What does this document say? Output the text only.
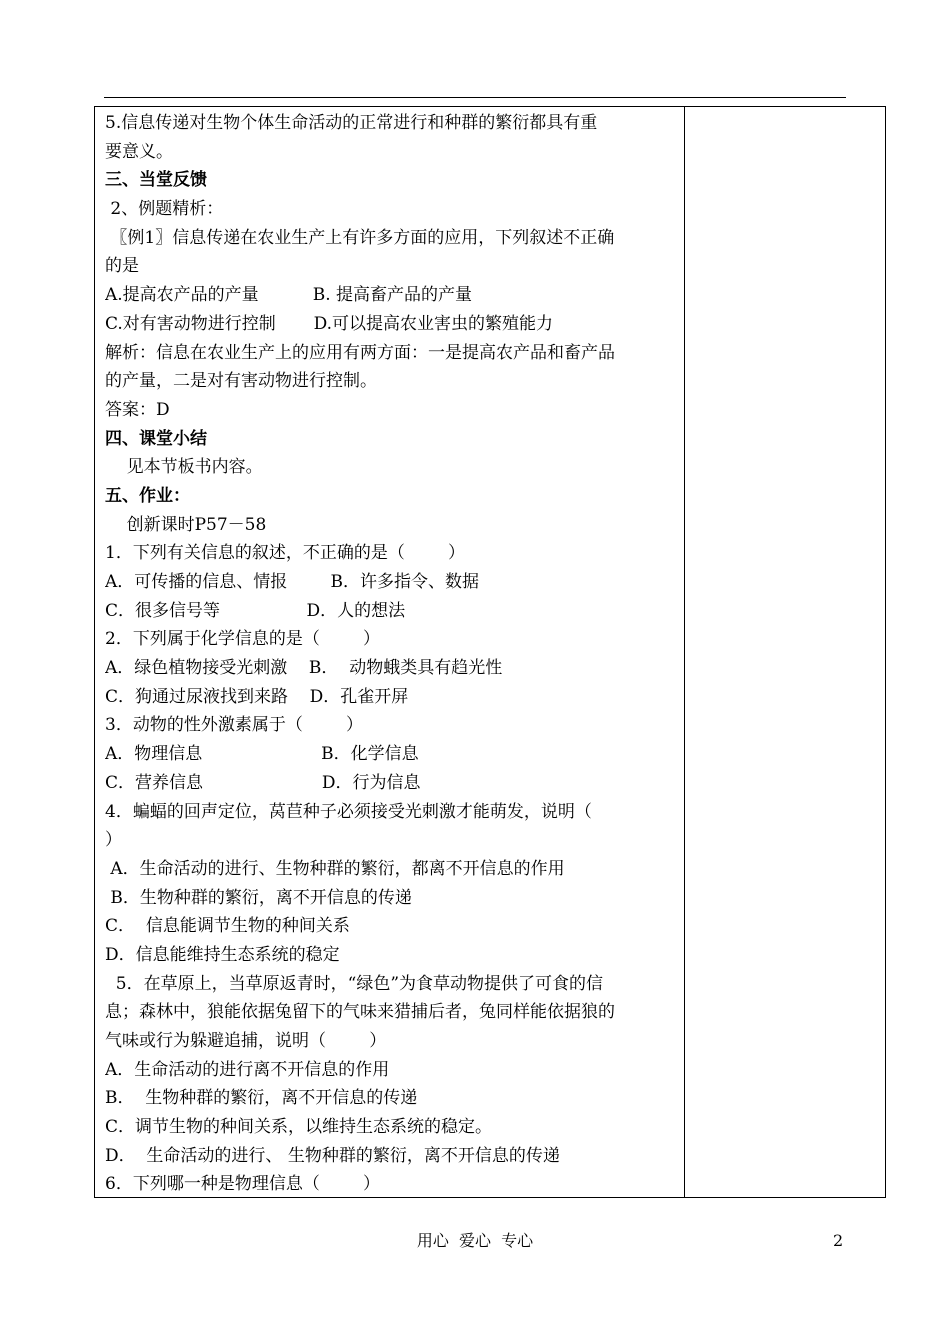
5.信息传递对生物个体生命活动的正常进行和种群的繁衍都具有重
要意义。
三、当堂反馈
2、例题精析：
〖例1〗信息传递在农业生产上有许多方面的应用，下列叙述不正确
的是
A.提高农产品的产量          B. 提高畜产品的产量
C.对有害动物进行控制       D.可以提高农业害虫的繁殖能力
解析：信息在农业生产上的应用有两方面：一是提高农产品和畜产品
的产量，二是对有害动物进行控制。
答案：D
四、课堂小结
见本节板书内容。
五、作业：
创新课时P57－58
1．下列有关信息的叙述，不正确的是（        ）
A．可传播的信息、情报        B．许多指令、数据
C．很多信号等                D．人的想法
2．下列属于化学信息的是（        ）
A．绿色植物接受光刺激    B．  动物蛾类具有趋光性
C．狗通过尿液找到来路    D．孔雀开屏
3．动物的性外激素属于（        ）
A．物理信息                      B．化学信息
C．营养信息                      D．行为信息
4．蝙蝠的回声定位，莴苣种子必须接受光刺激才能萌发，说明（
）
A．生命活动的进行、生物种群的繁衍，都离不开信息的作用
B．生物种群的繁衍，离不开信息的传递
C．  信息能调节生物的种间关系
D．信息能维持生态系统的稳定
5．在草原上，当草原返青时，“绿色”为食草动物提供了可食的信
息；森林中，狼能依据兔留下的气味来猎捕后者，兔同样能依据狼的
气味或行为躲避追捕，说明（        ）
A．生命活动的进行离不开信息的作用
B．  生物种群的繁衍，离不开信息的传递
C．调节生物的种间关系，以维持生态系统的稳定。
D．  生命活动的进行、 生物种群的繁衍，离不开信息的传递
6．下列哪一种是物理信息（        ）
用心  爱心  专心	2
